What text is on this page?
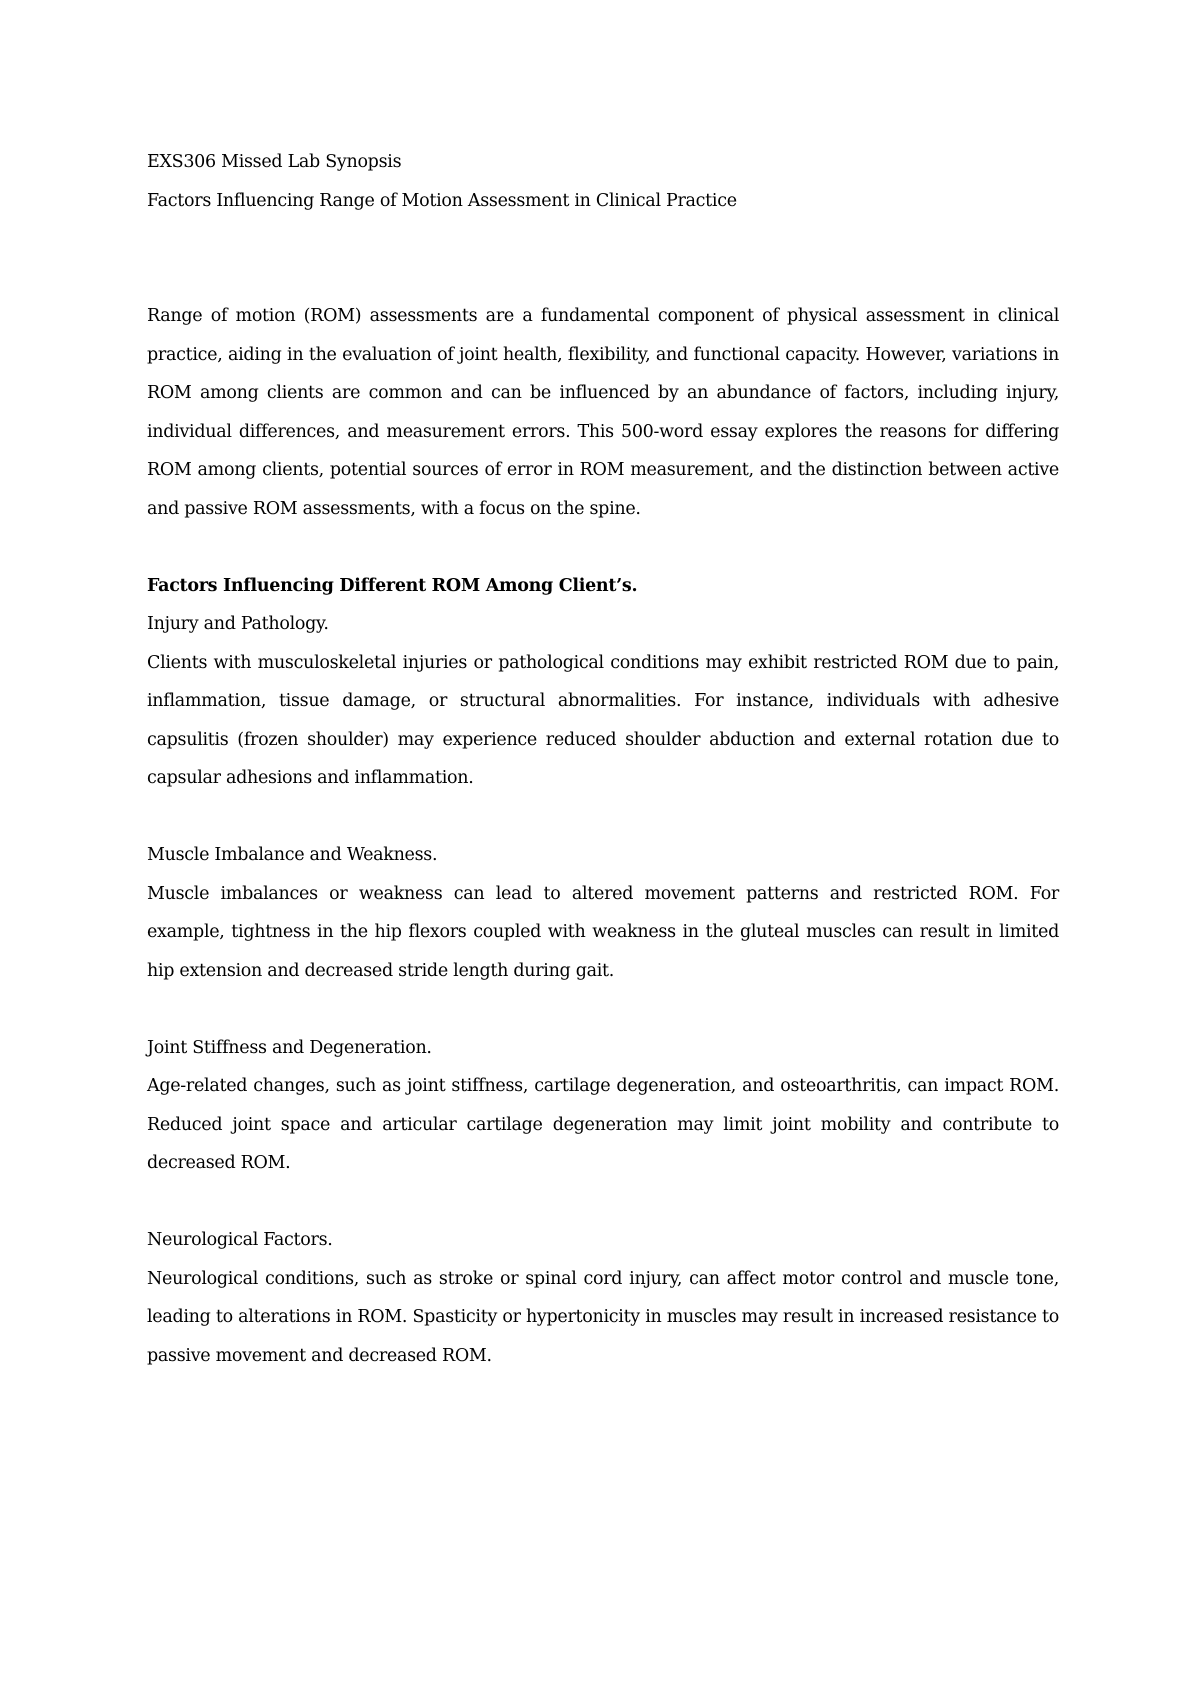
EXS306 Missed Lab Synopsis

Factors Influencing Range of Motion Assessment in Clinical Practice

Range of motion (ROM) assessments are a fundamental component of physical assessment in clinical practice, aiding in the evaluation of joint health, flexibility, and functional capacity. However, variations in ROM among clients are common and can be influenced by an abundance of factors, including injury, individual differences, and measurement errors. This 500-word essay explores the reasons for differing ROM among clients, potential sources of error in ROM measurement, and the distinction between active and passive ROM assessments, with a focus on the spine.

Factors Influencing Different ROM Among Client’s.

Injury and Pathology.

Clients with musculoskeletal injuries or pathological conditions may exhibit restricted ROM due to pain, inflammation, tissue damage, or structural abnormalities. For instance, individuals with adhesive capsulitis (frozen shoulder) may experience reduced shoulder abduction and external rotation due to capsular adhesions and inflammation.

Muscle Imbalance and Weakness.

Muscle imbalances or weakness can lead to altered movement patterns and restricted ROM. For example, tightness in the hip flexors coupled with weakness in the gluteal muscles can result in limited hip extension and decreased stride length during gait.

Joint Stiffness and Degeneration.

Age-related changes, such as joint stiffness, cartilage degeneration, and osteoarthritis, can impact ROM. Reduced joint space and articular cartilage degeneration may limit joint mobility and contribute to decreased ROM.

Neurological Factors.

Neurological conditions, such as stroke or spinal cord injury, can affect motor control and muscle tone, leading to alterations in ROM. Spasticity or hypertonicity in muscles may result in increased resistance to passive movement and decreased ROM.
